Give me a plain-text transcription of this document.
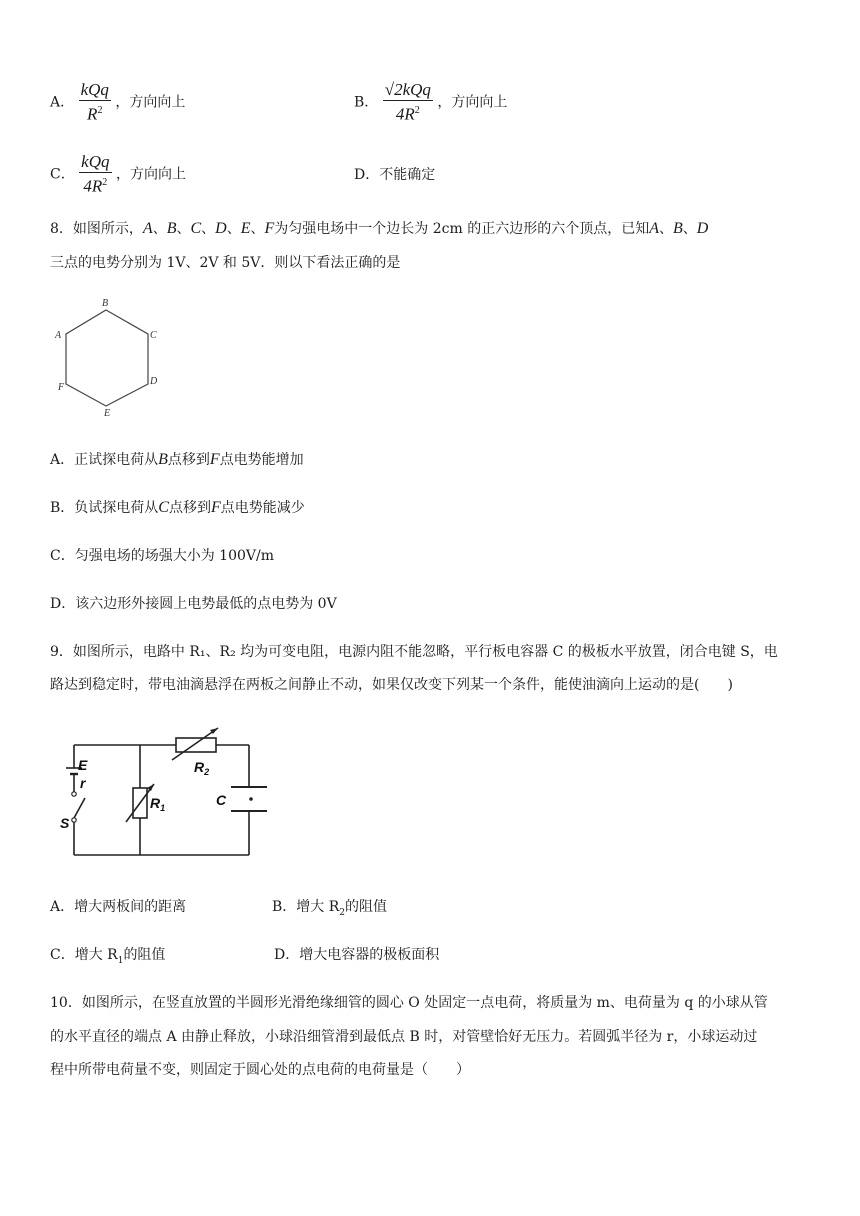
A． $\frac{\text{kQq}}{R^2}$ ，方向向上	B． $\frac{\text{√2kQq}}{4R^2}$ ，方向向上
C． $\frac{\text{kQq}}{4R^2}$ ，方向向上	D．不能确定
8．如图所示，A、B、C、D、E、F为匀强电场中一个边长为 2cm 的正六边形的六个顶点，已知A、B、D
三点的电势分别为 1V、2V 和 5V．则以下看法正确的是
B
A	C
D
F
E
A．正试探电荷从B点移到F点电势能增加
B．负试探电荷从C点移到F点电势能减少
C．匀强电场的场强大小为 100V/m
D．该六边形外接圆上电势最低的点电势为 0V
9．如图所示，电路中 R₁、R₂ 均为可变电阻，电源内阻不能忽略，平行板电容器 C 的极板水平放置，闭合电键 S，电
路达到稳定时，带电油滴悬浮在两板之间静止不动，如果仅改变下列某一个条件，能使油滴向上运动的是(　　)
E
r
S
$R_1$
$R_2$
C
A．增大两板间的距离	B．增大 $R_2$的阻值
C．增大 $R_1$的阻值	D．增大电容器的极板面积
10．如图所示，在竖直放置的半圆形光滑绝缘细管的圆心 O 处固定一点电荷，将质量为 m、电荷量为 q 的小球从管
的水平直径的端点 A 由静止释放，小球沿细管滑到最低点 B 时，对管壁恰好无压力。若圆弧半径为 r，小球运动过
程中所带电荷量不变，则固定于圆心处的点电荷的电荷量是（　　）
